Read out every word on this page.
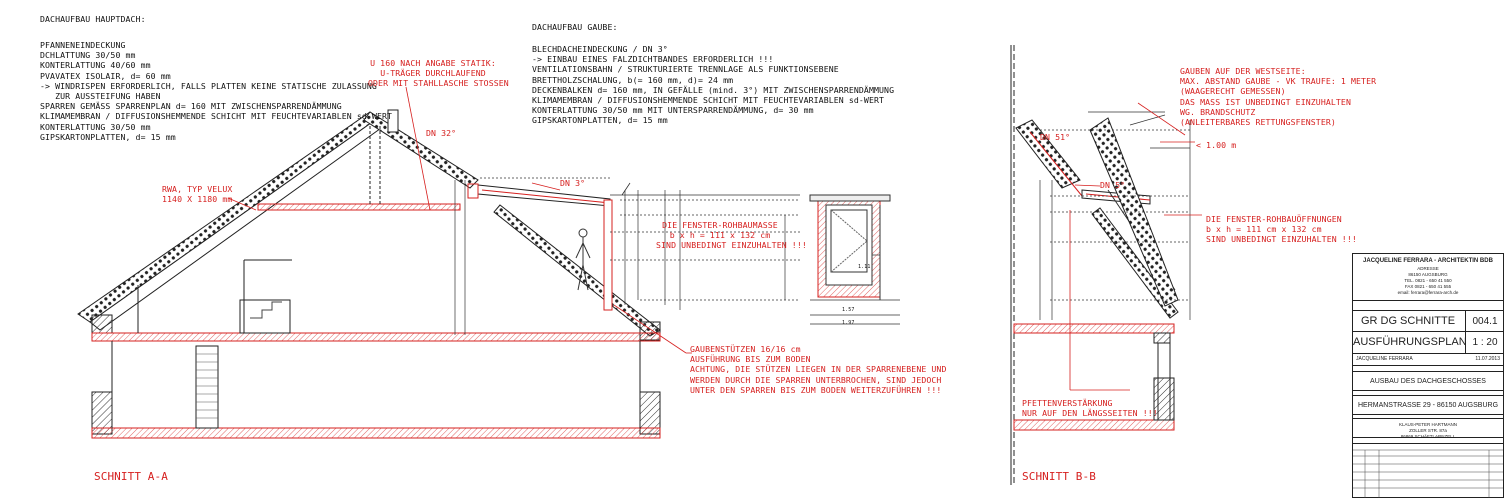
DACHAUFBAU HAUPTDACH:
PFANNENEINDECKUNG
DCHLATTUNG 30/50 mm
KONTERLATTUNG 40/60 mm
PVAVATEX ISOLAIR, d= 60 mm
-> WINDRISPEN ERFORDERLICH, FALLS PLATTEN KEINE STATISCHE ZULASSUNG
ZUR AUSSTEIFUNG HABEN
SPARREN GEMÄSS SPARRENPLAN d= 160 MIT ZWISCHENSPARRENDÄMMUNG
KLIMAMEMBRAN / DIFFUSIONSHEMMENDE SCHICHT MIT FEUCHTEVARIABLEN sd-WERT
KONTERLATTUNG 30/50 mm
GIPSKARTONPLATTEN, d= 15 mm
DACHAUFBAU GAUBE:
BLECHDACHEINDECKUNG / DN 3°
-> EINBAU EINES FALZDICHTBANDES ERFORDERLICH !!!
VENTILATIONSBAHN / STRUKTURIERTE TRENNLAGE ALS FUNKTIONSEBENE
BRETTHOLZSCHALUNG, b(= 160 mm, d)= 24 mm
DECKENBALKEN d= 160 mm, IN GEFÄLLE (mind. 3°) MIT ZWISCHENSPARRENDÄMMUNG
KLIMAMEMBRAN / DIFFUSIONSHEMMENDE SCHICHT MIT FEUCHTEVARIABLEN sd-WERT
KONTERLATTUNG 30/50 mm MIT UNTERSPARRENDÄMMUNG, d= 30 mm
GIPSKARTONPLATTEN, d= 15 mm
U 160 NACH ANGABE STATIK:
U-TRÄGER DURCHLAUFEND
ODER MIT STAHLLASCHE STOSSEN
DN 32°
DN 3°
RWA, TYP VELUX
1140 X 1180 mm
DIE FENSTER-ROHBAUMASSE
b x h = 111 x 132 cm
SIND UNBEDINGT EINZUHALTEN !!!
GAUBENSTÜTZEN 16/16 cm
AUSFÜHRUNG BIS ZUM BODEN
ACHTUNG, DIE STÜTZEN LIEGEN IN DER SPARRENEBENE UND
WERDEN DURCH DIE SPARREN UNTERBROCHEN, SIND JEDOCH
UNTER DEN SPARREN BIS ZUM BODEN WEITERZUFÜHREN !!!
1.57
1.97
1.11
SCHNITT A-A
GAUBEN AUF DER WESTSEITE:
MAX. ABSTAND GAUBE - VK TRAUFE: 1 METER
(WAAGERECHT GEMESSEN)
DAS MASS IST UNBEDINGT EINZUHALTEN
WG. BRANDSCHUTZ
(ANLEITERBARES RETTUNGSFENSTER)
DN 51°
DN 5°
< 1.00 m
DIE FENSTER-ROHBAUÖFFNUNGEN
b x h = 111 cm x 132 cm
SIND UNBEDINGT EINZUHALTEN !!!
PFETTENVERSTÄRKUNG
NUR AUF DEN LÄNGSSEITEN !!!
SCHNITT B-B
JACQUELINE FERRARA - ARCHITEKTIN BDB
ADRESSE
86150 AUGSBURG
TEL. 0821 - 650 41 550
FAX 0821 - 650 41 555
email: ferrara@ferrara-arch.de
GR DG SCHNITTE	004.1
AUSFÜHRUNGSPLAN 1 : 20
JACQUELINE FERRARA	11.07.2013
AUSBAU DES DACHGESCHOSSES
HERMANSTRASSE 29 - 86150 AUGSBURG
KLAUS-PETER HARTMANN
ZOLLER STR. 87a
86869 SCHÄFTLARNZELL
